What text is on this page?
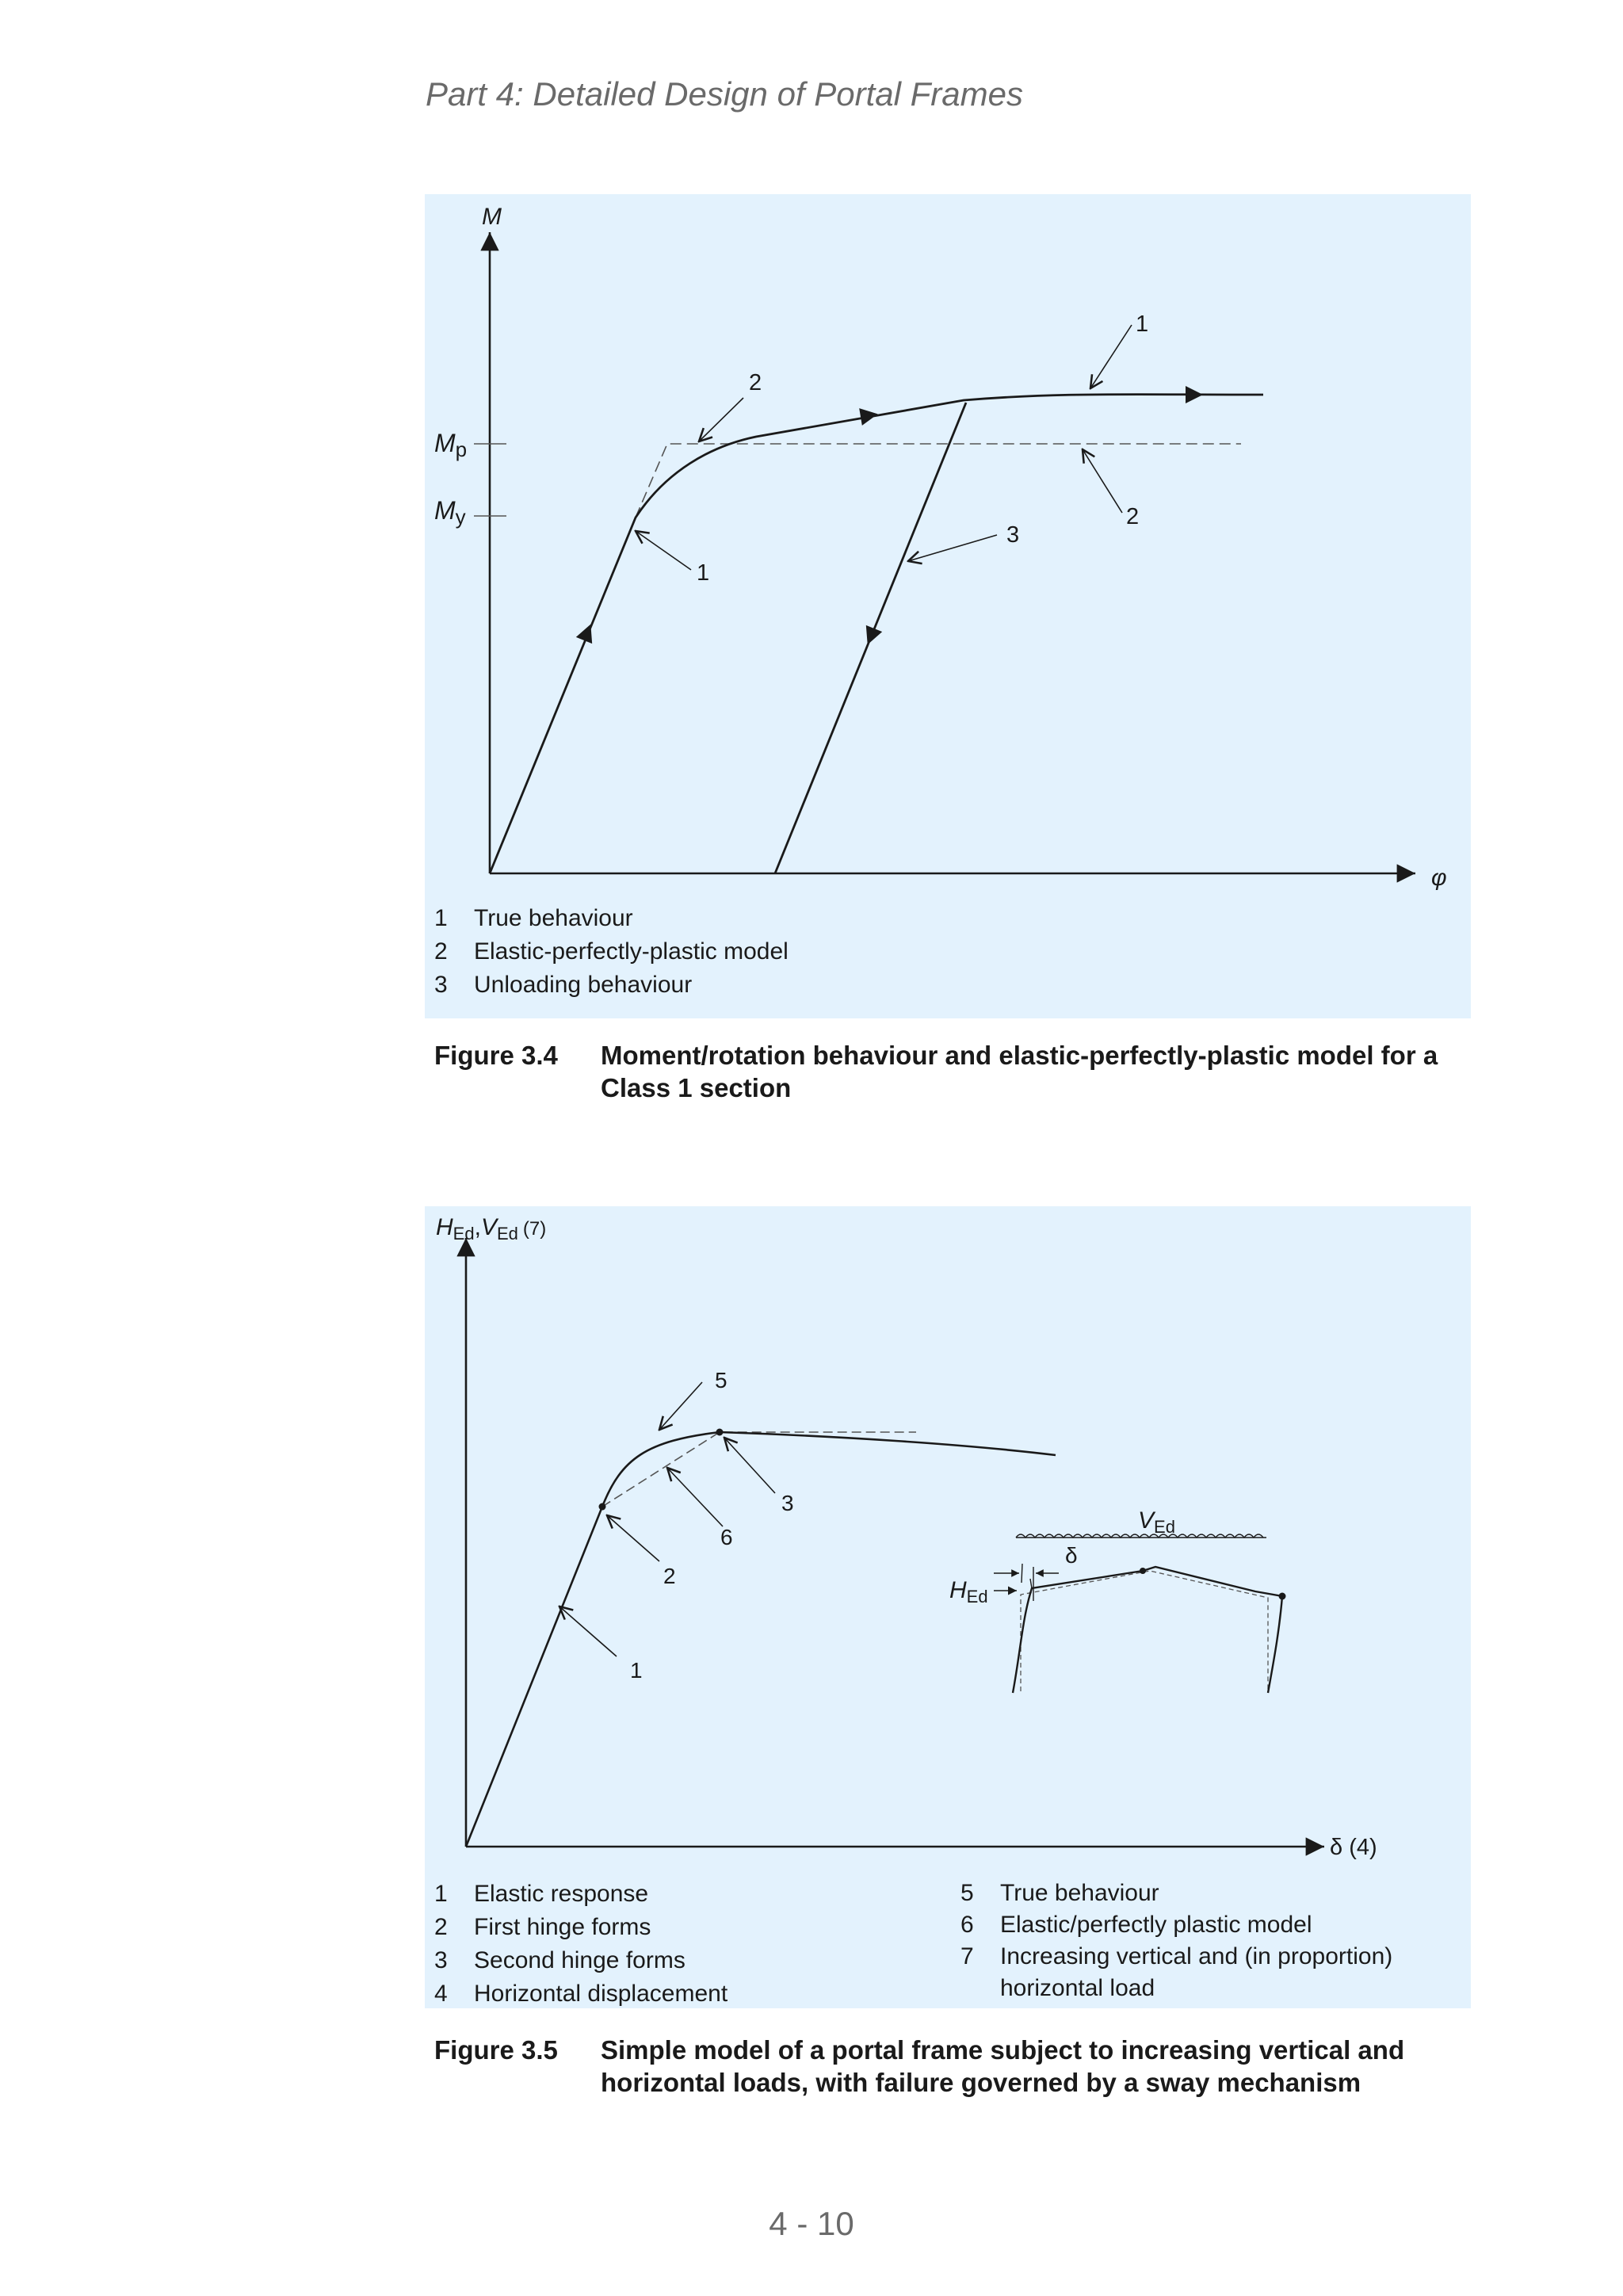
Part 4: Detailed Design of Portal Frames
M
φ
Mp
My
1
2
3
2
1
1 True behaviour
2 Elastic-perfectly-plastic model
3 Unloading behaviour
Figure 3.4 Moment/rotation behaviour and elastic-perfectly-plastic model for a Class 1 section
$H_{Ed},V_{Ed}$ $^{(7)}$
δ (4)
5
3
6
2
1
$V_{Ed}$
δ
$H_{Ed}$
1 Elastic response
2 First hinge forms
3 Second hinge forms
4 Horizontal displacement
5 True behaviour
6 Elastic/perfectly plastic model
7 Increasing vertical and (in proportion)
horizontal load
Figure 3.5 Simple model of a portal frame subject to increasing vertical and horizontal loads, with failure governed by a sway mechanism

4 - 10
